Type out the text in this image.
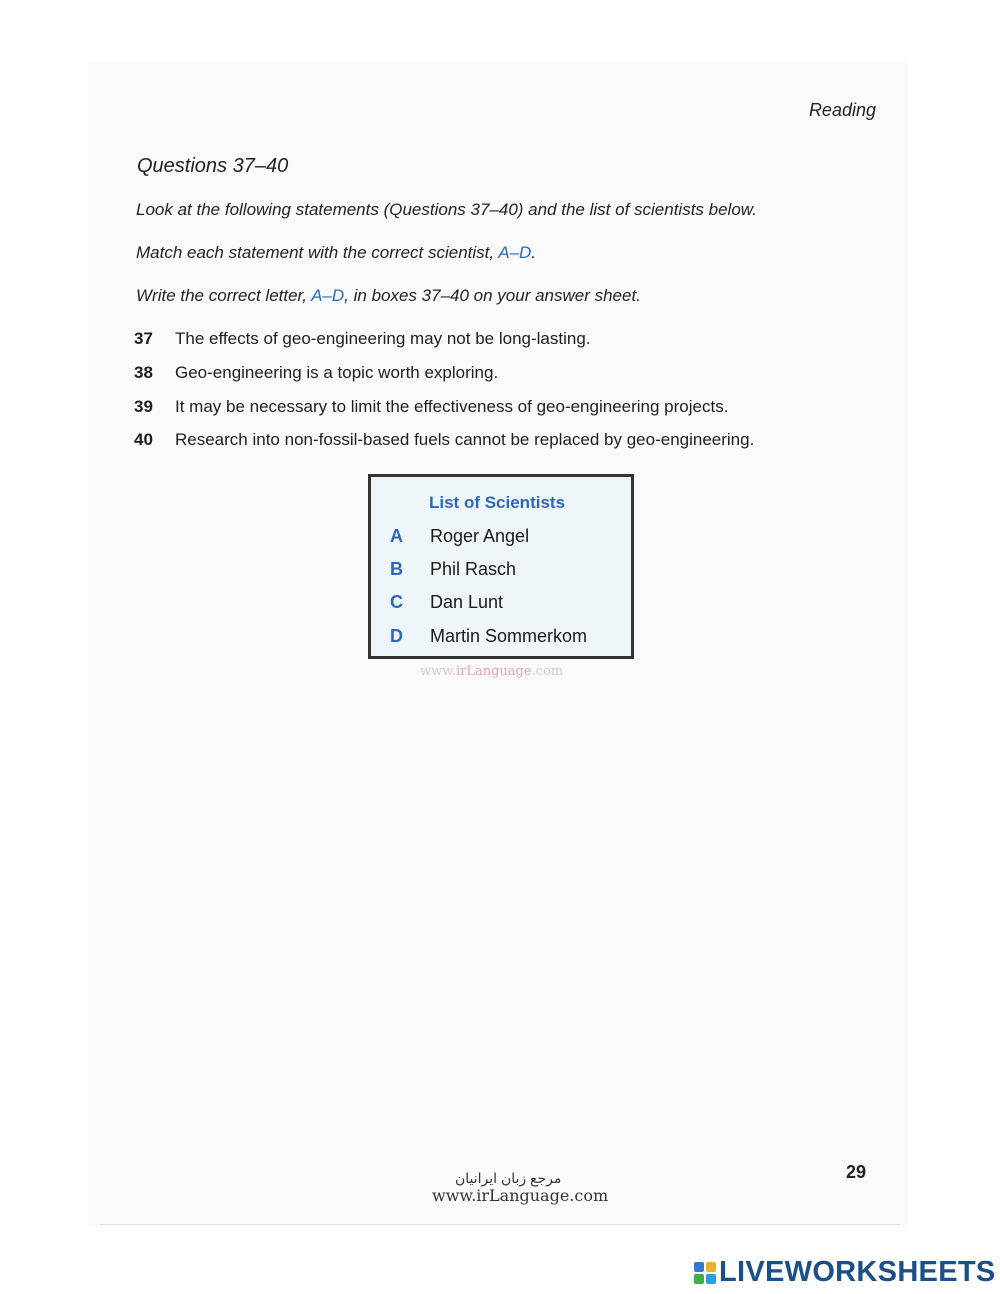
Reading
Questions 37–40
Look at the following statements (Questions 37–40) and the list of scientists below.
Match each statement with the correct scientist, A–D.
Write the correct letter, A–D, in boxes 37–40 on your answer sheet.
37	The effects of geo-engineering may not be long-lasting.
38	Geo-engineering is a topic worth exploring.
39	It may be necessary to limit the effectiveness of geo-engineering projects.
40	Research into non-fossil-based fuels cannot be replaced by geo-engineering.
List of Scientists
A	Roger Angel
B	Phil Rasch
C	Dan Lunt
D	Martin Sommerkom
www.irLanguage.com
29
مرجع زبان ایرانیان
www.irLanguage.com
LIVEWORKSHEETS
